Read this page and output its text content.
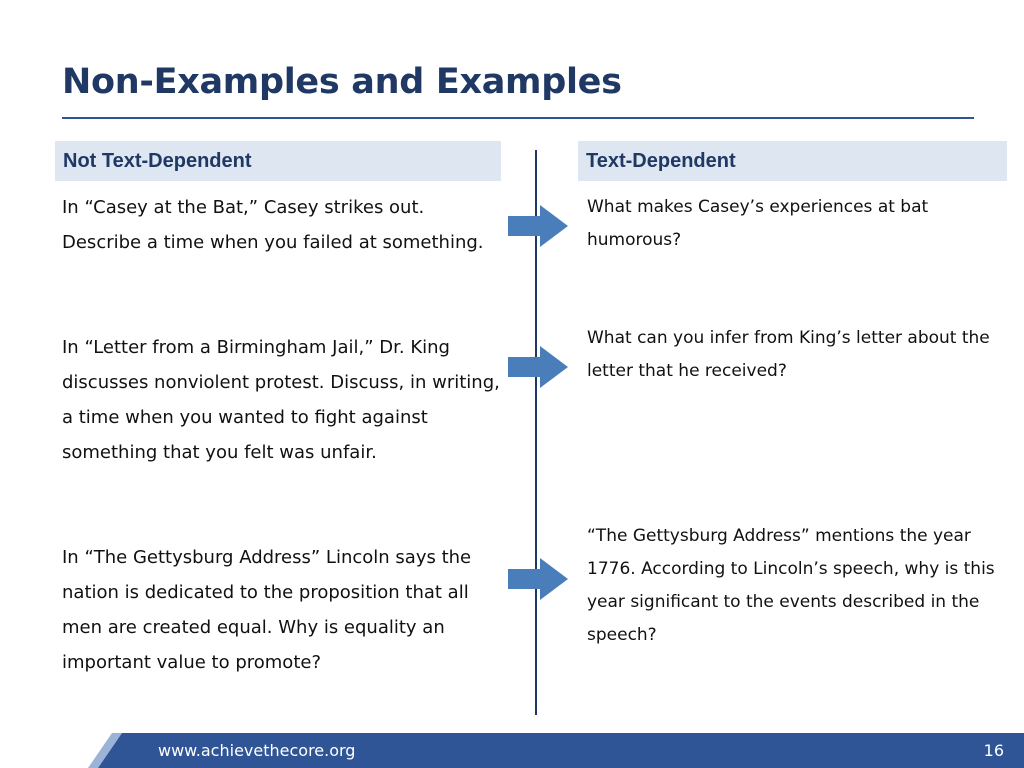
Non-Examples and Examples
Not Text-Dependent	Text-Dependent

In “Casey at the Bat,” Casey strikes out. Describe a time when you failed at something.

In “Letter from a Birmingham Jail,” Dr. King discusses nonviolent protest. Discuss, in writing, a time when you wanted to fight against something that you felt was unfair.

In “The Gettysburg Address” Lincoln says the nation is dedicated to the proposition that all men are created equal. Why is equality an important value to promote?

What makes Casey’s experiences at bat humorous?

What can you infer from King’s letter about the letter that he received?

“The Gettysburg Address” mentions the year 1776. According to Lincoln’s speech, why is this year significant to the events described in the speech?

www.achievethecore.org	16
